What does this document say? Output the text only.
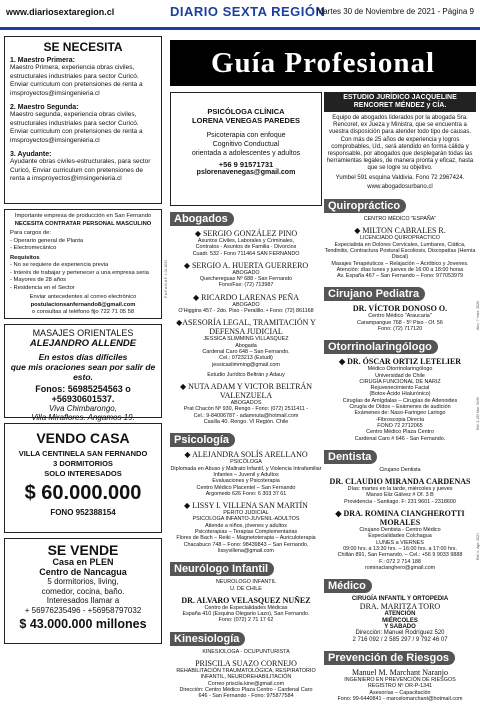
www.diariosextaregion.cl	DIARIO SEXTA REGIÓN
Martes 30 de Noviembre de 2021 - Página 9
SE NECESITA
1. Maestro Primera:
Maestro Primera, experiencia obras civiles, estructurales industriales para sector Curicó. Enviar curriculum con pretensiones de renta a imsproyectos@imsingenieria.cl
2. Maestro Segunda:
Maestro segunda, experiencia obras civiles, estructurales industriales para sector Curicó. Enviar curriculum con pretensiones de renta a imsproyectos@imsingenieria.cl
3. Ayudante:
Ayudante obras civiles-estructurales, para sector Curicó, Enviar curriculum con pretensiones de renta a imsproyectos@imsingenieria.cl
Importante empresa de producción en San Fernando
NECESITA CONTRATAR PERSONAL MASCULINO
Para cargos de:
- Operario general de Planta
- Electromecánico
Requisitos
- No se requiere de experiencia previa
- Interés de trabajar y pertenecer a una empresa seria
- Mayores de 28 años
- Residencia en el Sector
Enviar antecedentes al correo electrónico
postulacionsanfernando8@gmail.com
o consultas al teléfono fijo 722 71 05 58
MASAJES ORIENTALES
ALEJANDRO ALLENDE
En estos días difíciles
que mis oraciones sean por salir de esto.
Fonos: 56985254563 o +56930601537.
Viva Chimbarongo,
Villa Miraflores. Angamos 19.
VENDO CASA
VILLA CENTINELA SAN FERNANDO
3 DORMITORIOS
SOLO INTERESADOS
$ 60.000.000
FONO 952388154
SE VENDE
Casa en PLEN
Centro de Nancagua
5 dormitorios, living,
comedor, cocina, baño.
Interesados llamar a
+ 56976235496 - +56958797032
$ 43.000.000 millones
Guía Profesional
PSICÓLOGA CLÍNICA
LORENA VENEGAS PAREDES
Psicoterapia con enfoque
Cognitivo Conductual
orientada a adolescentes y adultos
+56 9 91571731
pslorenavenegas@gmail.com
Abogados
◆ SERGIO GONZÁLEZ PINO
Asuntos Civiles, Laborales y Criminales,
Contratos - Asuntos de Familia - Divorcios
Cuadr. 532 - Fono 711464 SAN FERNANDO
◆ SERGIO A. HUERTA GUERRERO
ABOGADO
Quechereguas Nº 688 - San Fernando
Fono/Fax: (72) 713987
◆ RICARDO LARENAS PEÑA
ABOGADO
O'Higgins 457 - 2do. Piso - Peralillo. • Fono: (72) 861168
◆ASESORÍA LEGAL, TRAMITACIÓN Y DEFENSA JUDICIAL
JESSICA SLIMMING VILLASQUEZ
Abogada
Cardenal Caro 648 – San Fernando.
Cel.: 0723213 (Estudi)
jessicaslimming@gmail.com
Estudio Jurídico Beltrán y Adauy
◆ NUTA ADAM Y VICTOR BELTRÁN VALENZUELA
ABOGADOS
Prat Chacón Nº 930, Rengo - Fono: (072) 2511411 -
Cel.: 9-84006787 - adamnuta@hotmail.com
Casilla 40. Rengo. VI Región. Chile
Psicología
◆ ALEJANDRA SOLÍS ARELLANO
PSICÓLOGA
Diplomada en Abuso y Maltrato Infantil, y Violencia Intrafamiliar
Infantes – Juvenil y Adultos
Evaluaciones y Psicoterapia
Centro Médico Placentel – San Fernando
Argomedo 626 Fono: 6 303 37 61
◆ LISSY I. VILLENA SAN MARTÍN
PERITO JUDICIAL
PSICOLOGA INFANTO-JUVENIL-ADULTOS
Atiende a niños, jóvenes y adultos
Psicoterapias – Terapias Complementarias
Flores de Bach – Reiki – Magnetoterapia – Auriculoterapia
Chacabuco 748 – Fono: 98439843 – San Fernando.
lissyvillena@gmail.com
Neurólogo Infantil
NEUROLOGO INFANTIL
U. DE CHILE
DR. ALVARO VELASQUEZ NUÑEZ
Centro de Especialidades Médicas
España 410 (Esquina Olegario Lazo), San Fernando.
Fono: (072) 2 71 17 62
Kinesiología
KINESIOLOGA - OCUPUNTURISTA
PRISCILA SUAZO CORNEJO
REHABILITACIÓN TRAUMATOLÓGICA, RESPIRATORIO INFANTIL, NEUROREHABILITACIÓN
Correo priscila.kine@gmail.com
Dirección: Centro Médico Plaza Centro - Cardenal Caro
646 - San Fernando - Fono: 975877584
ESTUDIO JURÍDICO JACQUELINE RENCORET MÉNDEZ y CÍA.
Equipo de abogados liderados por la abogada Sra. Rencoret, ex Jueza y Ministra, que se encuentra a vuestra disposición para atender todo tipo de causas. Con más de 25 años de experiencia y logros comprobables, Ud., será atendido en forma cálida y responsable, por abogados que desplegarán todas las herramientas legales, de manera pronta y eficaz, hasta que se logre su objetivo.
Yumbel 591 esquina Valdivia. Fono 72 2967424.
www.abogadosurbano.cl
Quiropráctico
CENTRO MÉDICO "ESPAÑA"
◆ MILTON CABRALES R.
LICENCIADO QUIROPRACTICO
Especialista en Dolores Cervicales, Lumbares, Ciática,
Tendinitis, Contractura Postural Escoliosis, Discopatías (Hernia Discal)
Masajes Terapéuticos – Relajación – Acróbico y Jovenes.
Atención: días lunes y jueves de 16:00 a 18:00 horas
Av. España 467 – San Fernando – Fono: 977053979
Cirujano Pediatra
DR. VÍCTOR DONOSO O.
Centro Médico "Araucaria"
Carampangue 768 - 5º Piso - Of. 56
Fono: (72) 717120
Otorrinolaringólogo
◆ DR. ÓSCAR ORTIZ LETELIER
Médico Otorrinolaringólogo
Universidad de Chile
CIRUGÍA FUNCIONAL DE NARIZ
Rejuvenecimiento Facial
(Botox-Ácido Hialurónico)
Cirugías de Amígdalas – Cirugías de Adenoides
Cirugía de Oídos – Exámenes de audición
Exámenes de: Naso-Faringeo Laringo
-Fibroscopia Directa
FONO 72 2712065
Centro Médico Plaza Centro
Cardenal Caro # 646 - San Fernando.
Dentista
Cirujano Dentista
DR. CLAUDIO MIRANDA CARDENAS
Días: martes en la tarde, miércoles y jueves
Manso Eliz Gálvez # Of. 3 B
Providencia - Santiago. F: 231 9601 - 2318600
◆ DRA. ROMINA CIANGHEROTTI MORALES
Cirujano Dentista - Centro Médico
Especialidades Colchagua
LUNES a VIERNES
09:00 hrs. a 13:30 hrs. – 16:00 hrs. a 17:00 hrs.
Chillán 891, San Fernando. – Cel.: +56 9 9033 9888
F.: 072 2 714 188
rominacianghero@gmail.com
Médico
CIRUGÍA INFANTIL Y ORTOPEDIA
DRA. MARITZA TORO
ATENCIÓN
MIÉRCOLES
Y SABADO
Dirección: Manuel Rodríguez 520
2 716 092 / 2 585 297 / 9 792 46 07
Prevención de Riesgos
Manuel M. Marchant Naranjo
INGENIERO EN PREVENCIÓN DE RIESGOS
REGISTRO Nº OR-P-1341
Asesorías – Capacitación
Fono: 99-6440841 - marcelomarchant@hotmail.com
P.A.F.A.N.A.F. 1.01.2021
Alex: 7 rines: 2020
Ref: 4.150 Mar: 5049
Ref: n. Ago: 2021
